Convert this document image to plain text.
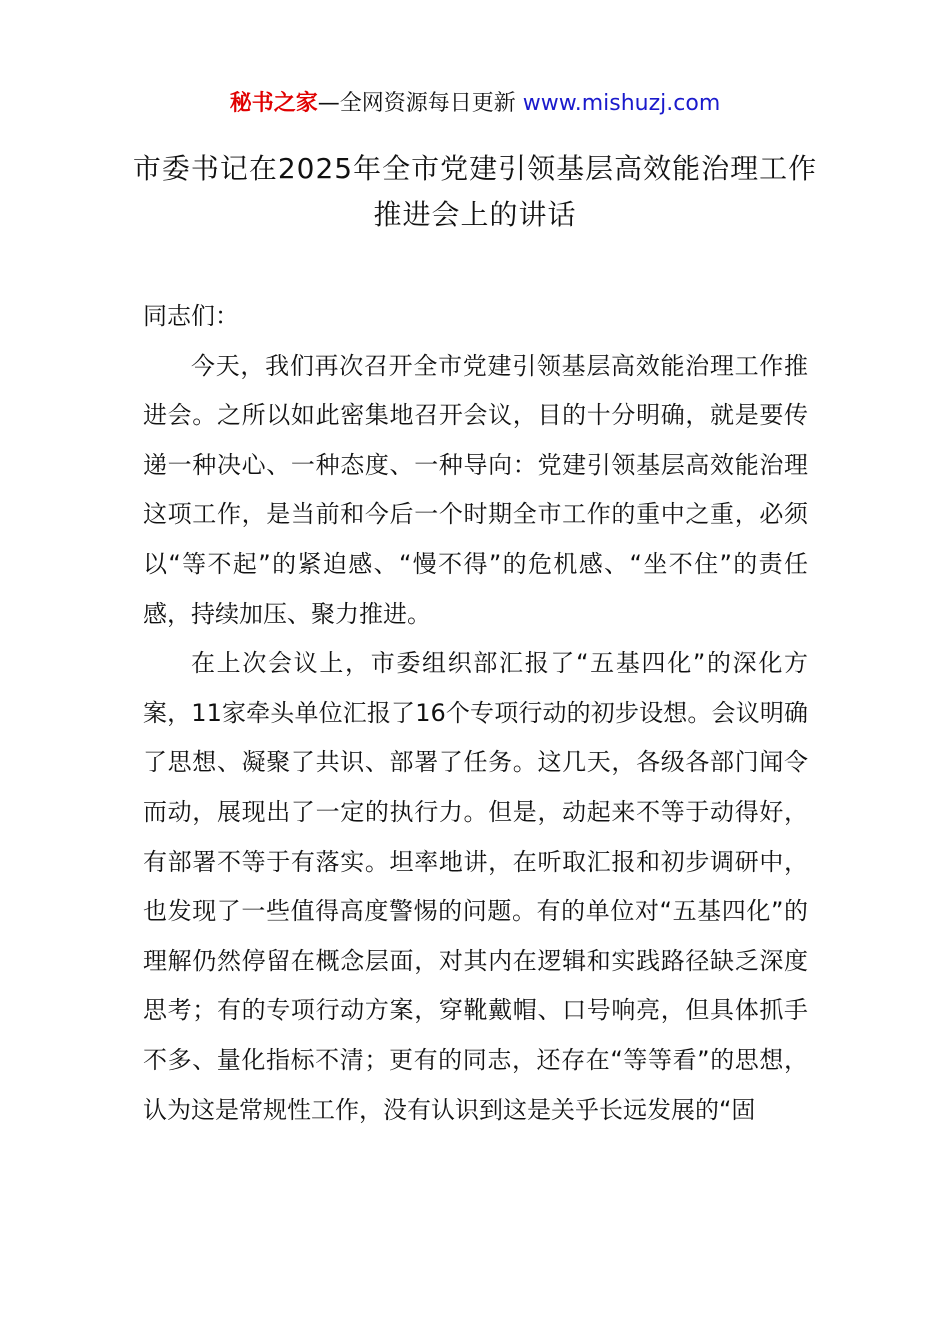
秘书之家—全网资源每日更新 www.mishuzj.com
市委书记在2025年全市党建引领基层高效能治理工作推进会上的讲话

同志们：

今天，我们再次召开全市党建引领基层高效能治理工作推进会。之所以如此密集地召开会议，目的十分明确，就是要传递一种决心、一种态度、一种导向：党建引领基层高效能治理这项工作，是当前和今后一个时期全市工作的重中之重，必须以“等不起”的紧迫感、“慢不得”的危机感、“坐不住”的责任感，持续加压、聚力推进。

在上次会议上，市委组织部汇报了“五基四化”的深化方案，11家牵头单位汇报了16个专项行动的初步设想。会议明确了思想、凝聚了共识、部署了任务。这几天，各级各部门闻令而动，展现出了一定的执行力。但是，动起来不等于动得好，有部署不等于有落实。坦率地讲，在听取汇报和初步调研中，也发现了一些值得高度警惕的问题。有的单位对“五基四化”的理解仍然停留在概念层面，对其内在逻辑和实践路径缺乏深度思考；有的专项行动方案，穿靴戴帽、口号响亮，但具体抓手不多、量化指标不清；更有的同志，还存在“等等看”的思想，认为这是常规性工作，没有认识到这是关乎长远发展的“固
